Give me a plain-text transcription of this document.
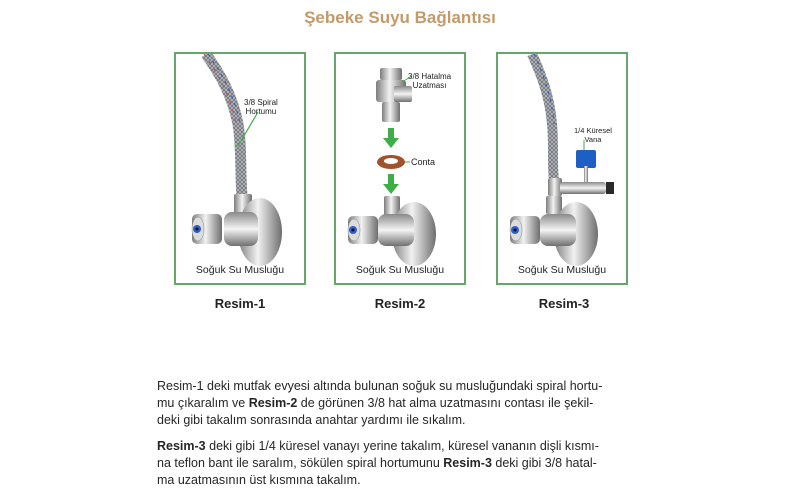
Şebeke Suyu Bağlantısı
3/8 Spiral
Hortumu
Soğuk Su Musluğu
3/8 Hatalma
Uzatması
Conta
Soğuk Su Musluğu
1/4 Küresel
Vana
Soğuk Su Musluğu
Resim-1	Resim-2	Resim-3
Resim-1 deki mutfak evyesi altında bulunan soğuk su musluğundaki spiral hortu-
mu çıkaralım ve Resim-2 de görünen 3/8 hat alma uzatmasını contası ile şekil-
deki gibi takalım sonrasında anahtar yardımı ile sıkalım.
Resim-3 deki gibi 1/4 küresel vanayı yerine takalım, küresel vananın dişli kısmı-
na teflon bant ile saralım, sökülen spiral hortumunu Resim-3 deki gibi 3/8 hatal-
ma uzatmasının üst kısmına takalım.
